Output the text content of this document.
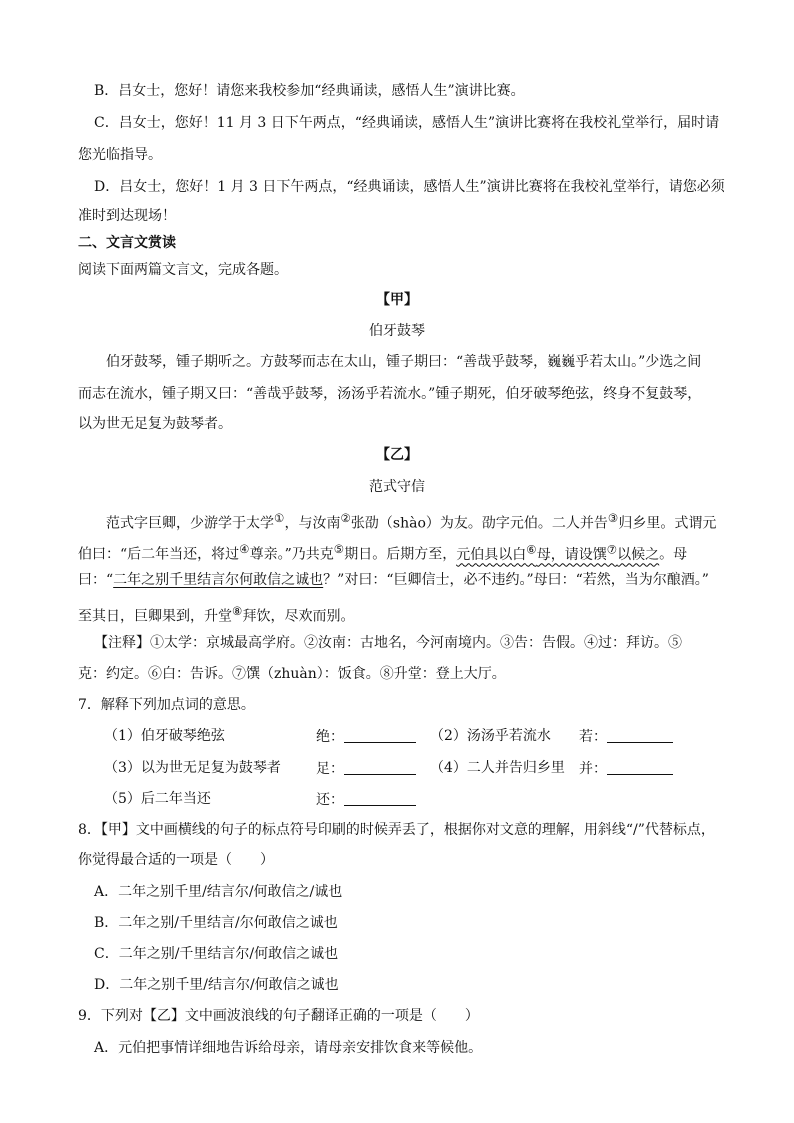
B．吕女士，您好！请您来我校参加“经典诵读，感悟人生”演讲比赛。
C．吕女士，您好！11 月 3 日下午两点，“经典诵读，感悟人生”演讲比赛将在我校礼堂举行，届时请
您光临指导。
D．吕女士，您好！1 月 3 日下午两点，“经典诵读，感悟人生”演讲比赛将在我校礼堂举行，请您必须
准时到达现场！
二、文言文赏读
阅读下面两篇文言文，完成各题。
【甲】
伯牙鼓琴
伯牙鼓琴，锺子期听之。方鼓琴而志在太山，锺子期曰：“善哉乎鼓琴，巍巍乎若太山。”少选之间
而志在流水，锺子期又曰：“善哉乎鼓琴，汤汤乎若流水。”锺子期死，伯牙破琴绝弦，终身不复鼓琴，
以为世无足复为鼓琴者。
【乙】
范式守信
范式字巨卿，少游学于太学①，与汝南②张劭（shào）为友。劭字元伯。二人并告③归乡里。式谓元
伯曰：“后二年当还，将过④尊亲。”乃共克⑤期日。后期方至，元伯具以白⑥母，请设馔⑦以候之。母
曰：“二年之别千里结言尔何敢信之诚也？”对曰：“巨卿信士，必不违约。”母曰：“若然，当为尔酿酒。”
至其日，巨卿果到，升堂⑧拜饮，尽欢而别。
【注释】①太学：京城最高学府。②汝南：古地名，今河南境内。③告：告假。④过：拜访。⑤
克：约定。⑥白：告诉。⑦馔（zhuàn）：饭食。⑧升堂：登上大厅。
7．解释下列加点词的意思。
（1）伯牙破琴绝弦	绝：	（2）汤汤乎若流水 若：
（3）以为世无足复为鼓琴者	足：	（4）二人并告归乡里 并：
（5）后二年当还	还：
8．【甲】文中画横线的句子的标点符号印刷的时候弄丢了，根据你对文意的理解，用斜线“/”代替标点，
你觉得最合适的一项是（　　）
A．二年之别千里/结言尔/何敢信之/诚也
B．二年之别/千里结言/尔何敢信之诚也
C．二年之别/千里结言尔/何敢信之诚也
D．二年之别千里/结言尔/何敢信之诚也
9．下列对【乙】文中画波浪线的句子翻译正确的一项是（　　）
A．元伯把事情详细地告诉给母亲，请母亲安排饮食来等候他。
